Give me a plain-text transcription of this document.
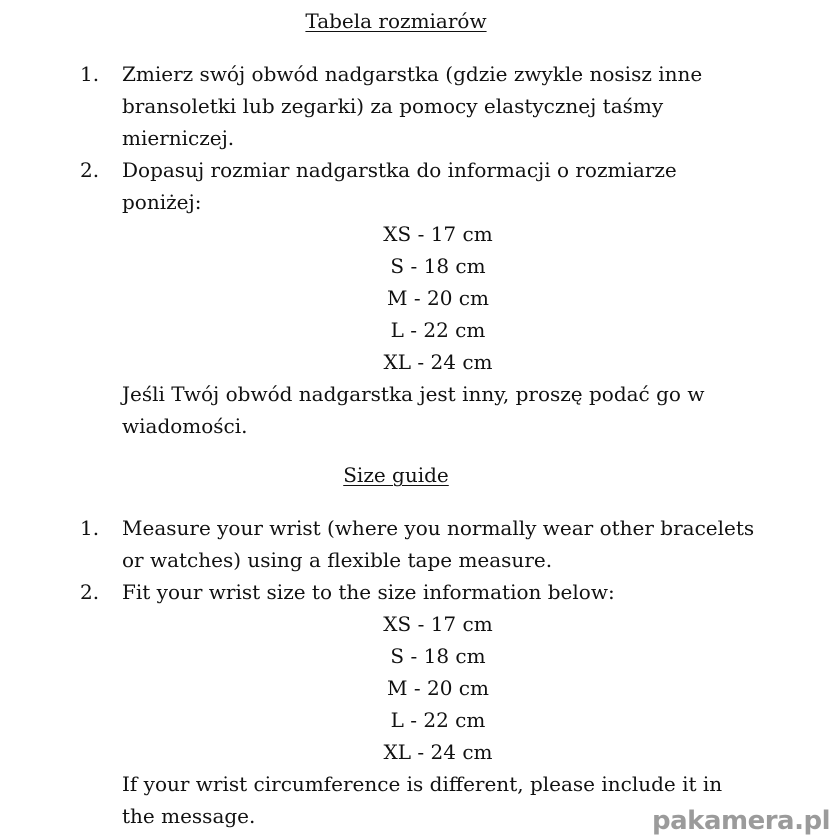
Tabela rozmiarów
1. Zmierz swój obwód nadgarstka (gdzie zwykle nosisz inne
bransoletki lub zegarki) za pomocy elastycznej taśmy
mierniczej.
2. Dopasuj rozmiar nadgarstka do informacji o rozmiarze
poniżej:
XS - 17 cm
S - 18 cm
M - 20 cm
L - 22 cm
XL - 24 cm
Jeśli Twój obwód nadgarstka jest inny, proszę podać go w
wiadomości.
Size guide
1. Measure your wrist (where you normally wear other bracelets
or watches) using a flexible tape measure.
2. Fit your wrist size to the size information below:
XS - 17 cm
S - 18 cm
M - 20 cm
L - 22 cm
XL - 24 cm
If your wrist circumference is different, please include it in
the message.	pakamera.pl
